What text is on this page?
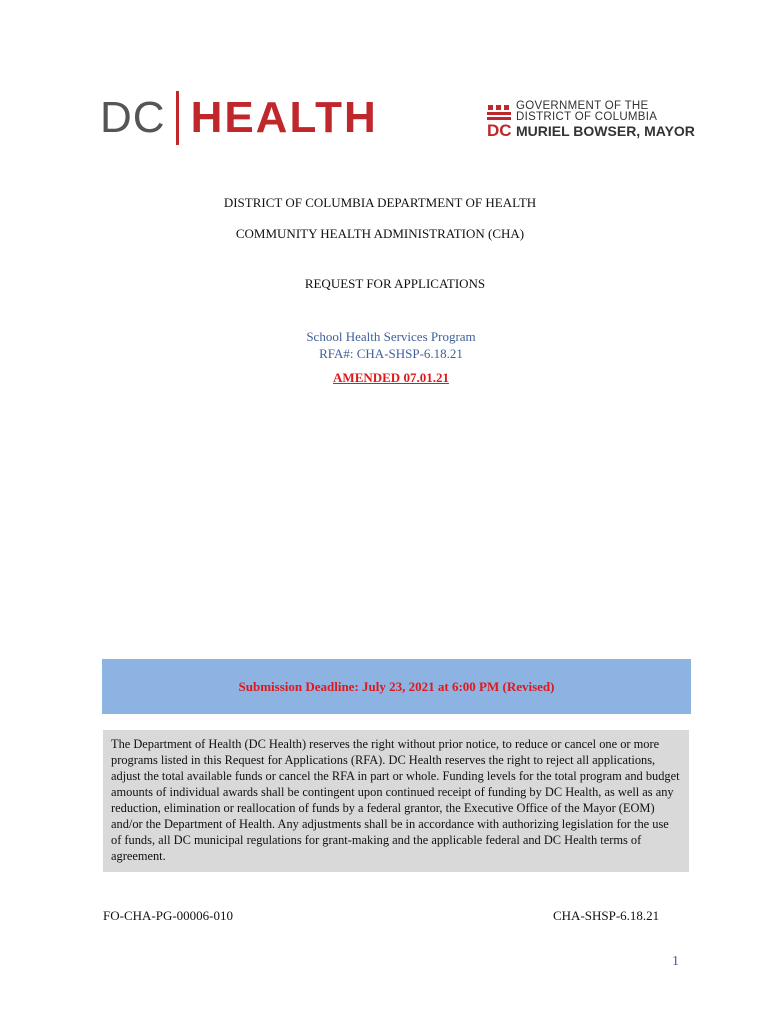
DC HEALTH	GOVERNMENT OF THE
DISTRICT OF COLUMBIA
DC MURIEL BOWSER, MAYOR
DISTRICT OF COLUMBIA DEPARTMENT OF HEALTH
COMMUNITY HEALTH ADMINISTRATION (CHA)
REQUEST FOR APPLICATIONS
School Health Services Program
RFA#: CHA-SHSP-6.18.21
AMENDED 07.01.21
Submission Deadline: July 23, 2021 at 6:00 PM (Revised)
The Department of Health (DC Health) reserves the right without prior notice, to reduce or cancel one or more programs listed in this Request for Applications (RFA). DC Health reserves the right to reject all applications, adjust the total available funds or cancel the RFA in part or whole. Funding levels for the total program and budget amounts of individual awards shall be contingent upon continued receipt of funding by DC Health, as well as any reduction, elimination or reallocation of funds by a federal grantor, the Executive Office of the Mayor (EOM) and/or the Department of Health. Any adjustments shall be in accordance with authorizing legislation for the use of funds, all DC municipal regulations for grant-making and the applicable federal and DC Health terms of agreement.
FO-CHA-PG-00006-010	CHA-SHSP-6.18.21
1
